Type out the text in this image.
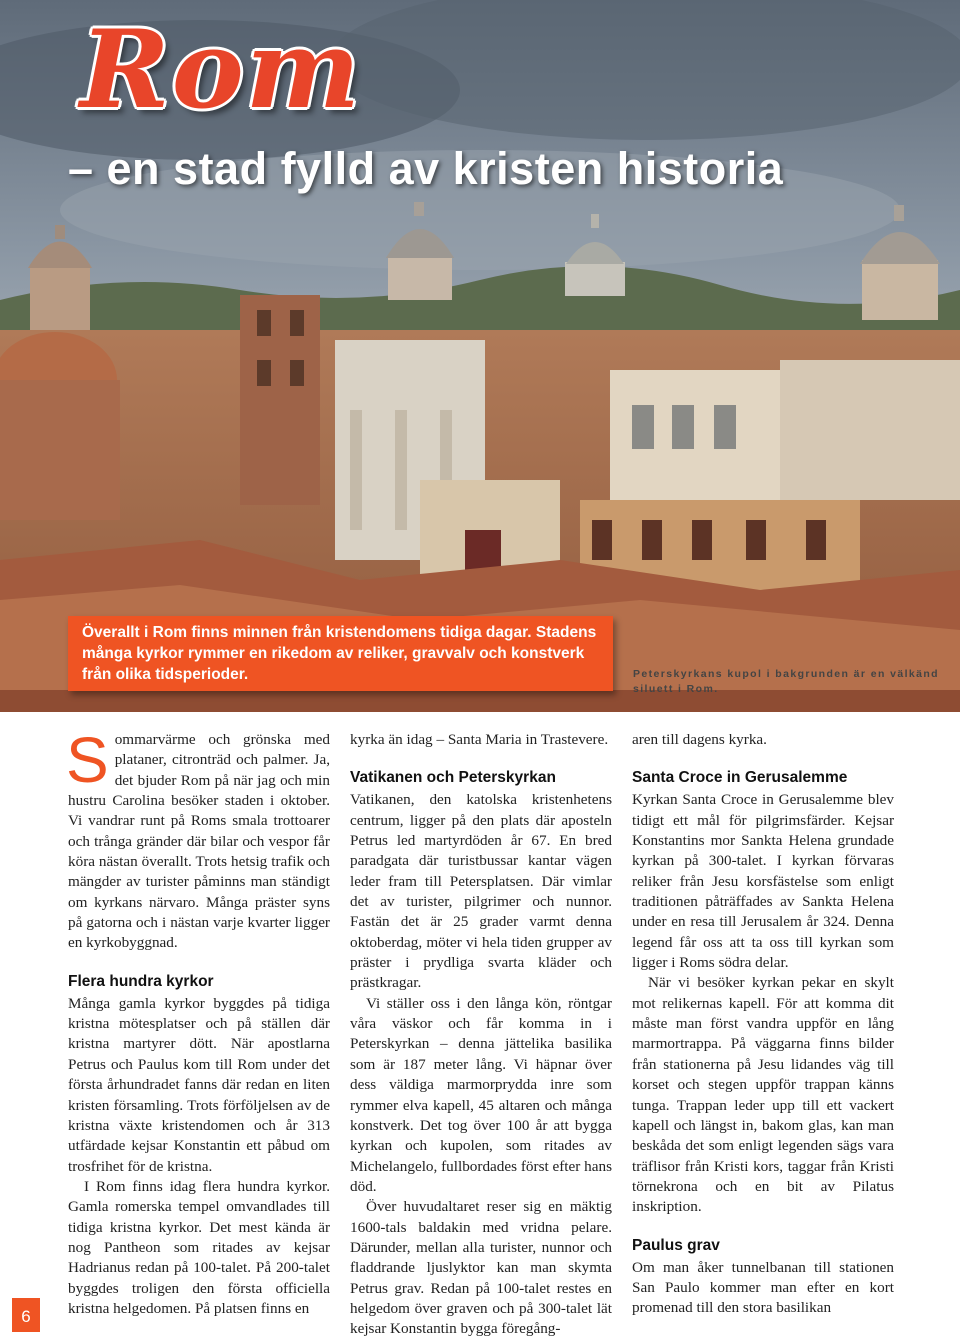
Rom
– en stad fylld av kristen historia

Överallt i Rom finns minnen från kristendomens tidiga dagar. Stadens många kyrkor rymmer en rikedom av reliker, gravvalv och konstverk från olika tidsperioder.	Peterskyrkans kupol i bakgrunden är en välkänd siluett i Rom.

S ommarvärme och grönska med plataner, citronträd och palmer. Ja, det bjuder Rom på när jag och min hustru Carolina besöker staden i oktober. Vi vandrar runt på Roms smala trottoarer och trånga gränder där bilar och vespor får köra nästan överallt. Trots hetsig trafik och mängder av turister påminns man ständigt om kyrkans närvaro. Många präster syns på gatorna och i nästan varje kvarter ligger en kyrkobyggnad.

Flera hundra kyrkor

Många gamla kyrkor byggdes på tidiga kristna mötesplatser och på ställen där kristna martyrer dött. När apostlarna Petrus och Paulus kom till Rom under det första århundradet fanns där redan en liten kristen församling. Trots förföljelsen av de kristna växte kristendomen och år 313 utfärdade kejsar Konstantin ett påbud om trosfrihet för de kristna.

I Rom finns idag flera hundra kyrkor. Gamla romerska tempel omvandlades till tidiga kristna kyrkor. Det mest kända är nog Pantheon som ritades av kejsar Hadrianus redan på 100-talet. På 200-talet byggdes troligen den första officiella kristna helgedomen. På platsen finns en

kyrka än idag – Santa Maria in Trastevere.

Vatikanen och Peterskyrkan

Vatikanen, den katolska kristenhetens centrum, ligger på den plats där aposteln Petrus led martyrdöden år 67. En bred paradgata där turistbussar kantar vägen leder fram till Petersplatsen. Där vimlar det av turister, pilgrimer och nunnor. Fastän det är 25 grader varmt denna oktoberdag, möter vi hela tiden grupper av präster i prydliga svarta kläder och prästkragar.

Vi ställer oss i den långa kön, röntgar våra väskor och får komma in i Peterskyrkan – denna jättelika basilika som är 187 meter lång. Vi häpnar över dess väldiga marmorprydda inre som rymmer elva kapell, 45 altaren och många konstverk. Det tog över 100 år att bygga kyrkan och kupolen, som ritades av Michelangelo, fullbordades först efter hans död.

Över huvudaltaret reser sig en mäktig 1600-tals baldakin med vridna pelare. Därunder, mellan alla turister, nunnor och fladdrande ljuslyktor kan man skymta Petrus grav. Redan på 100-talet restes en helgedom över graven och på 300-talet lät kejsar Konstantin bygga föregång-

aren till dagens kyrka.

Santa Croce in Gerusalemme

Kyrkan Santa Croce in Gerusalemme blev tidigt ett mål för pilgrimsfärder. Kejsar Konstantins mor Sankta Helena grundade kyrkan på 300-talet. I kyrkan förvaras reliker från Jesu korsfästelse som enligt traditionen påträffades av Sankta Helena under en resa till Jerusalem år 324. Denna legend får oss att ta oss till kyrkan som ligger i Roms södra delar.

När vi besöker kyrkan pekar en skylt mot relikernas kapell. För att komma dit måste man först vandra uppför en lång marmortrappa. På väggarna finns bilder från stationerna på Jesu lidandes väg till korset och stegen uppför trappan känns tunga. Trappan leder upp till ett vackert kapell och längst in, bakom glas, kan man beskåda det som enligt legenden sägs vara träflisor från Kristi kors, taggar från Kristi törnekrona och en bit av Pilatus inskription.

Paulus grav

Om man åker tunnelbanan till stationen San Paulo kommer man efter en kort promenad till den stora basilikan

6
